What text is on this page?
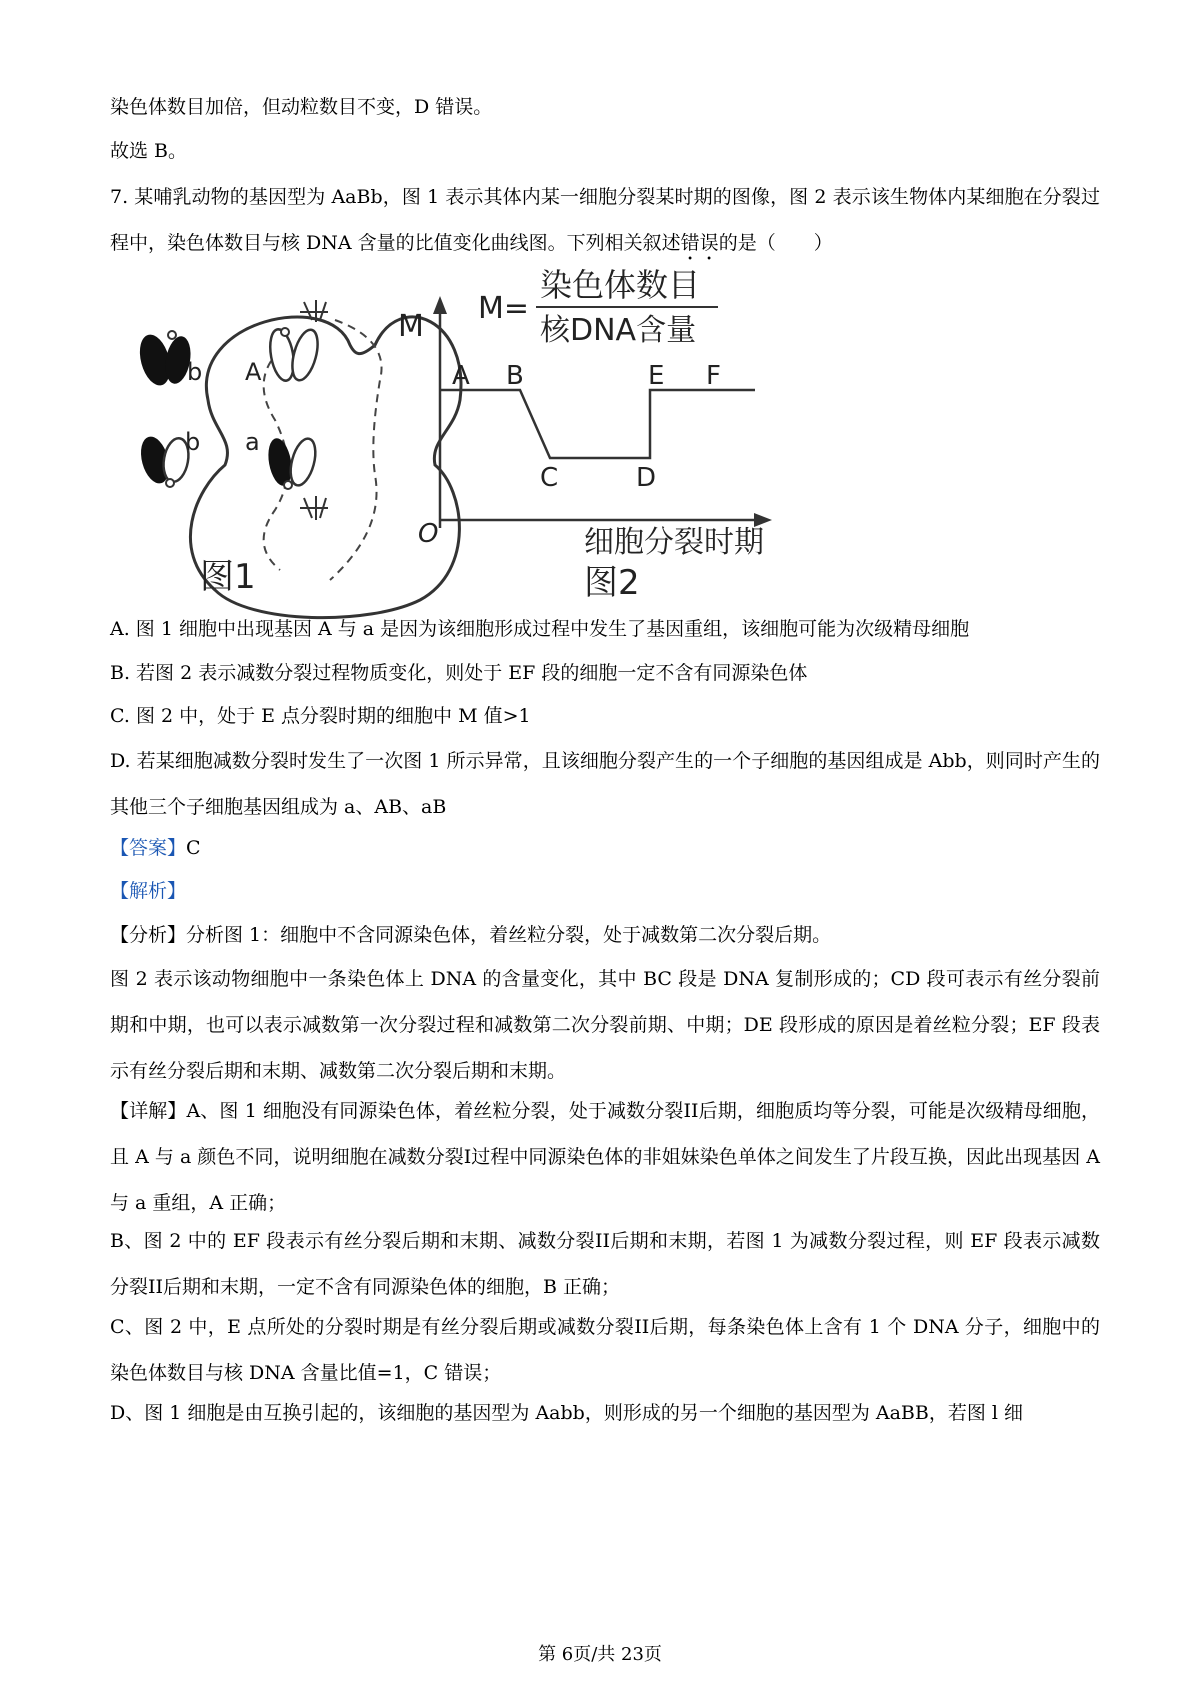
染色体数目加倍，但动粒数目不变，D 错误。

故选 B。

7. 某哺乳动物的基因型为 AaBb，图 1 表示其体内某一细胞分裂某时期的图像，图 2 表示该生物体内某细胞在分裂过程中，染色体数目与核 DNA 含量的比值变化曲线图。下列相关叙述错误的是（　　）

b A
b a
图1
M
O	细胞分裂时期
A B
C	D
E F
M=
染色体数目
核DNA含量
图2

A. 图 1 细胞中出现基因 A 与 a 是因为该细胞形成过程中发生了基因重组，该细胞可能为次级精母细胞

B. 若图 2 表示减数分裂过程物质变化，则处于 EF 段的细胞一定不含有同源染色体

C. 图 2 中，处于 E 点分裂时期的细胞中 M 值>1

D. 若某细胞减数分裂时发生了一次图 1 所示异常，且该细胞分裂产生的一个子细胞的基因组成是 Abb，则同时产生的其他三个子细胞基因组成为 a、AB、aB

【答案】C

【解析】

【分析】分析图 1：细胞中不含同源染色体，着丝粒分裂，处于减数第二次分裂后期。

图 2 表示该动物细胞中一条染色体上 DNA 的含量变化，其中 BC 段是 DNA 复制形成的；CD 段可表示有丝分裂前期和中期，也可以表示减数第一次分裂过程和减数第二次分裂前期、中期；DE 段形成的原因是着丝粒分裂；EF 段表示有丝分裂后期和末期、减数第二次分裂后期和末期。

【详解】A、图 1 细胞没有同源染色体，着丝粒分裂，处于减数分裂II后期，细胞质均等分裂，可能是次级精母细胞，且 A 与 a 颜色不同，说明细胞在减数分裂I过程中同源染色体的非姐妹染色单体之间发生了片段互换，因此出现基因 A 与 a 重组，A 正确；

B、图 2 中的 EF 段表示有丝分裂后期和末期、减数分裂II后期和末期，若图 1 为减数分裂过程，则 EF 段表示减数分裂II后期和末期，一定不含有同源染色体的细胞，B 正确；

C、图 2 中，E 点所处的分裂时期是有丝分裂后期或减数分裂II后期，每条染色体上含有 1 个 DNA 分子，细胞中的染色体数目与核 DNA 含量比值=1，C 错误；

D、图 1 细胞是由互换引起的，该细胞的基因型为 Aabb，则形成的另一个细胞的基因型为 AaBB，若图 l 细

第 6页/共 23页
